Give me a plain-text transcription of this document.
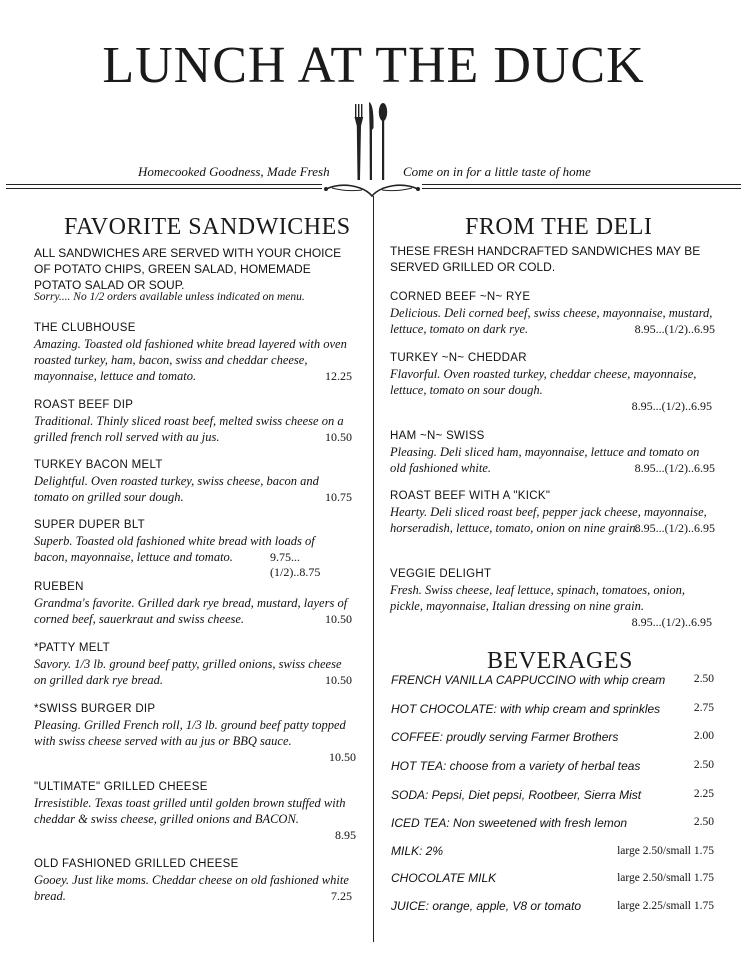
LUNCH AT THE DUCK
Homecooked Goodness, Made Fresh	Come on in for a little taste of home
FAVORITE SANDWICHES
ALL SANDWICHES ARE SERVED WITH YOUR CHOICE OF POTATO CHIPS, GREEN SALAD, HOMEMADE POTATO SALAD OR SOUP.
Sorry.... No 1/2 orders available unless indicated on menu.
THE CLUBHOUSE
Amazing. Toasted old fashioned white bread layered with oven roasted turkey, ham, bacon, swiss and cheddar cheese, mayonnaise, lettuce and tomato.	12.25
ROAST BEEF DIP
Traditional. Thinly sliced roast beef, melted swiss cheese on a grilled french roll served with au jus.	10.50
TURKEY BACON MELT
Delightful. Oven roasted turkey, swiss cheese, bacon and tomato on grilled sour dough.	10.75
SUPER DUPER BLT
Superb. Toasted old fashioned white bread with loads of bacon, mayonnaise, lettuce and tomato.	9.75...(1/2)..8.75
RUEBEN
Grandma's favorite. Grilled dark rye bread, mustard, layers of corned beef, sauerkraut and swiss cheese.	10.50
*PATTY MELT
Savory. 1/3 lb. ground beef patty, grilled onions, swiss cheese on grilled dark rye bread.	10.50
*SWISS BURGER DIP
Pleasing. Grilled French roll, 1/3 lb. ground beef patty topped with swiss cheese served with au jus or BBQ sauce.
10.50
"ULTIMATE" GRILLED CHEESE
Irresistible. Texas toast grilled until golden brown stuffed with cheddar & swiss cheese, grilled onions and BACON.
8.95
OLD FASHIONED GRILLED CHEESE
Gooey. Just like moms. Cheddar cheese on old fashioned white bread.	7.25
FROM THE DELI
THESE FRESH HANDCRAFTED SANDWICHES MAY BE SERVED GRILLED OR COLD.
CORNED BEEF ~N~ RYE
Delicious. Deli corned beef, swiss cheese, mayonnaise, mustard, lettuce, tomato on dark rye.	8.95...(1/2)..6.95
TURKEY ~N~ CHEDDAR
Flavorful. Oven roasted turkey, cheddar cheese, mayonnaise, lettuce, tomato on sour dough.
8.95...(1/2)..6.95
HAM ~N~ SWISS
Pleasing. Deli sliced ham, mayonnaise, lettuce and tomato on old fashioned white.	8.95...(1/2)..6.95
ROAST BEEF WITH A "KICK"
Hearty. Deli sliced roast beef, pepper jack cheese, mayonnaise, horseradish, lettuce, tomato, onion on nine grain.
8.95...(1/2)..6.95
VEGGIE DELIGHT
Fresh. Swiss cheese, leaf lettuce, spinach, tomatoes, onion, pickle, mayonnaise, Italian dressing on nine grain.
8.95...(1/2)..6.95
BEVERAGES
FRENCH VANILLA CAPPUCCINO with whip cream 2.50
HOT CHOCOLATE: with whip cream and sprinkles	2.75
COFFEE: proudly serving Farmer Brothers	2.00
HOT TEA: choose from a variety of herbal teas	2.50
SODA: Pepsi, Diet pepsi, Rootbeer, Sierra Mist	2.25
ICED TEA: Non sweetened with fresh lemon	2.50
MILK: 2%	large 2.50/small 1.75
CHOCOLATE MILK	large 2.50/small 1.75
JUICE: orange, apple, V8 or tomato	large 2.25/small 1.75
